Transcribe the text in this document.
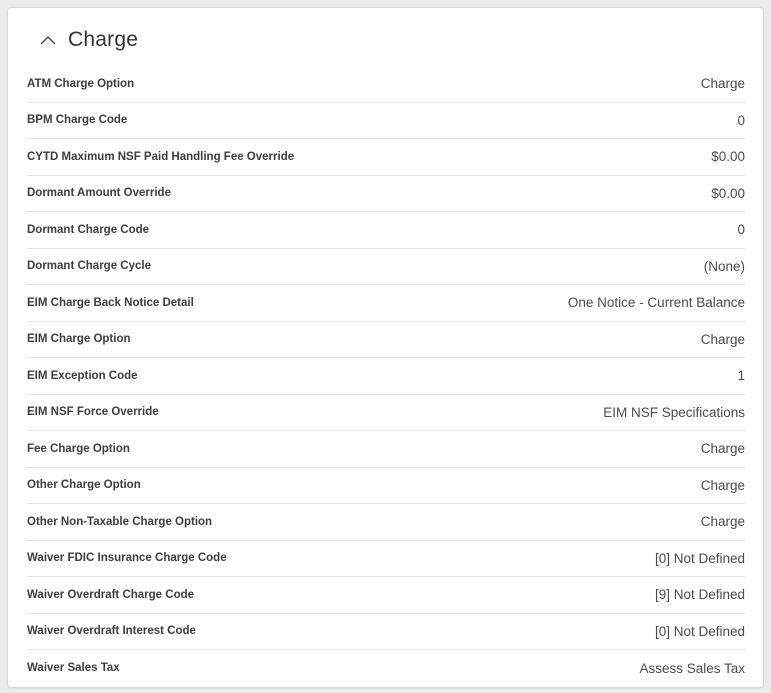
Charge
ATM Charge Option	Charge
BPM Charge Code	0
CYTD Maximum NSF Paid Handling Fee Override	$0.00
Dormant Amount Override	$0.00
Dormant Charge Code	0
Dormant Charge Cycle	(None)
EIM Charge Back Notice Detail	One Notice - Current Balance
EIM Charge Option	Charge
EIM Exception Code	1
EIM NSF Force Override	EIM NSF Specifications
Fee Charge Option	Charge
Other Charge Option	Charge
Other Non-Taxable Charge Option	Charge
Waiver FDIC Insurance Charge Code	[0] Not Defined
Waiver Overdraft Charge Code	[9] Not Defined
Waiver Overdraft Interest Code	[0] Not Defined
Waiver Sales Tax	Assess Sales Tax
